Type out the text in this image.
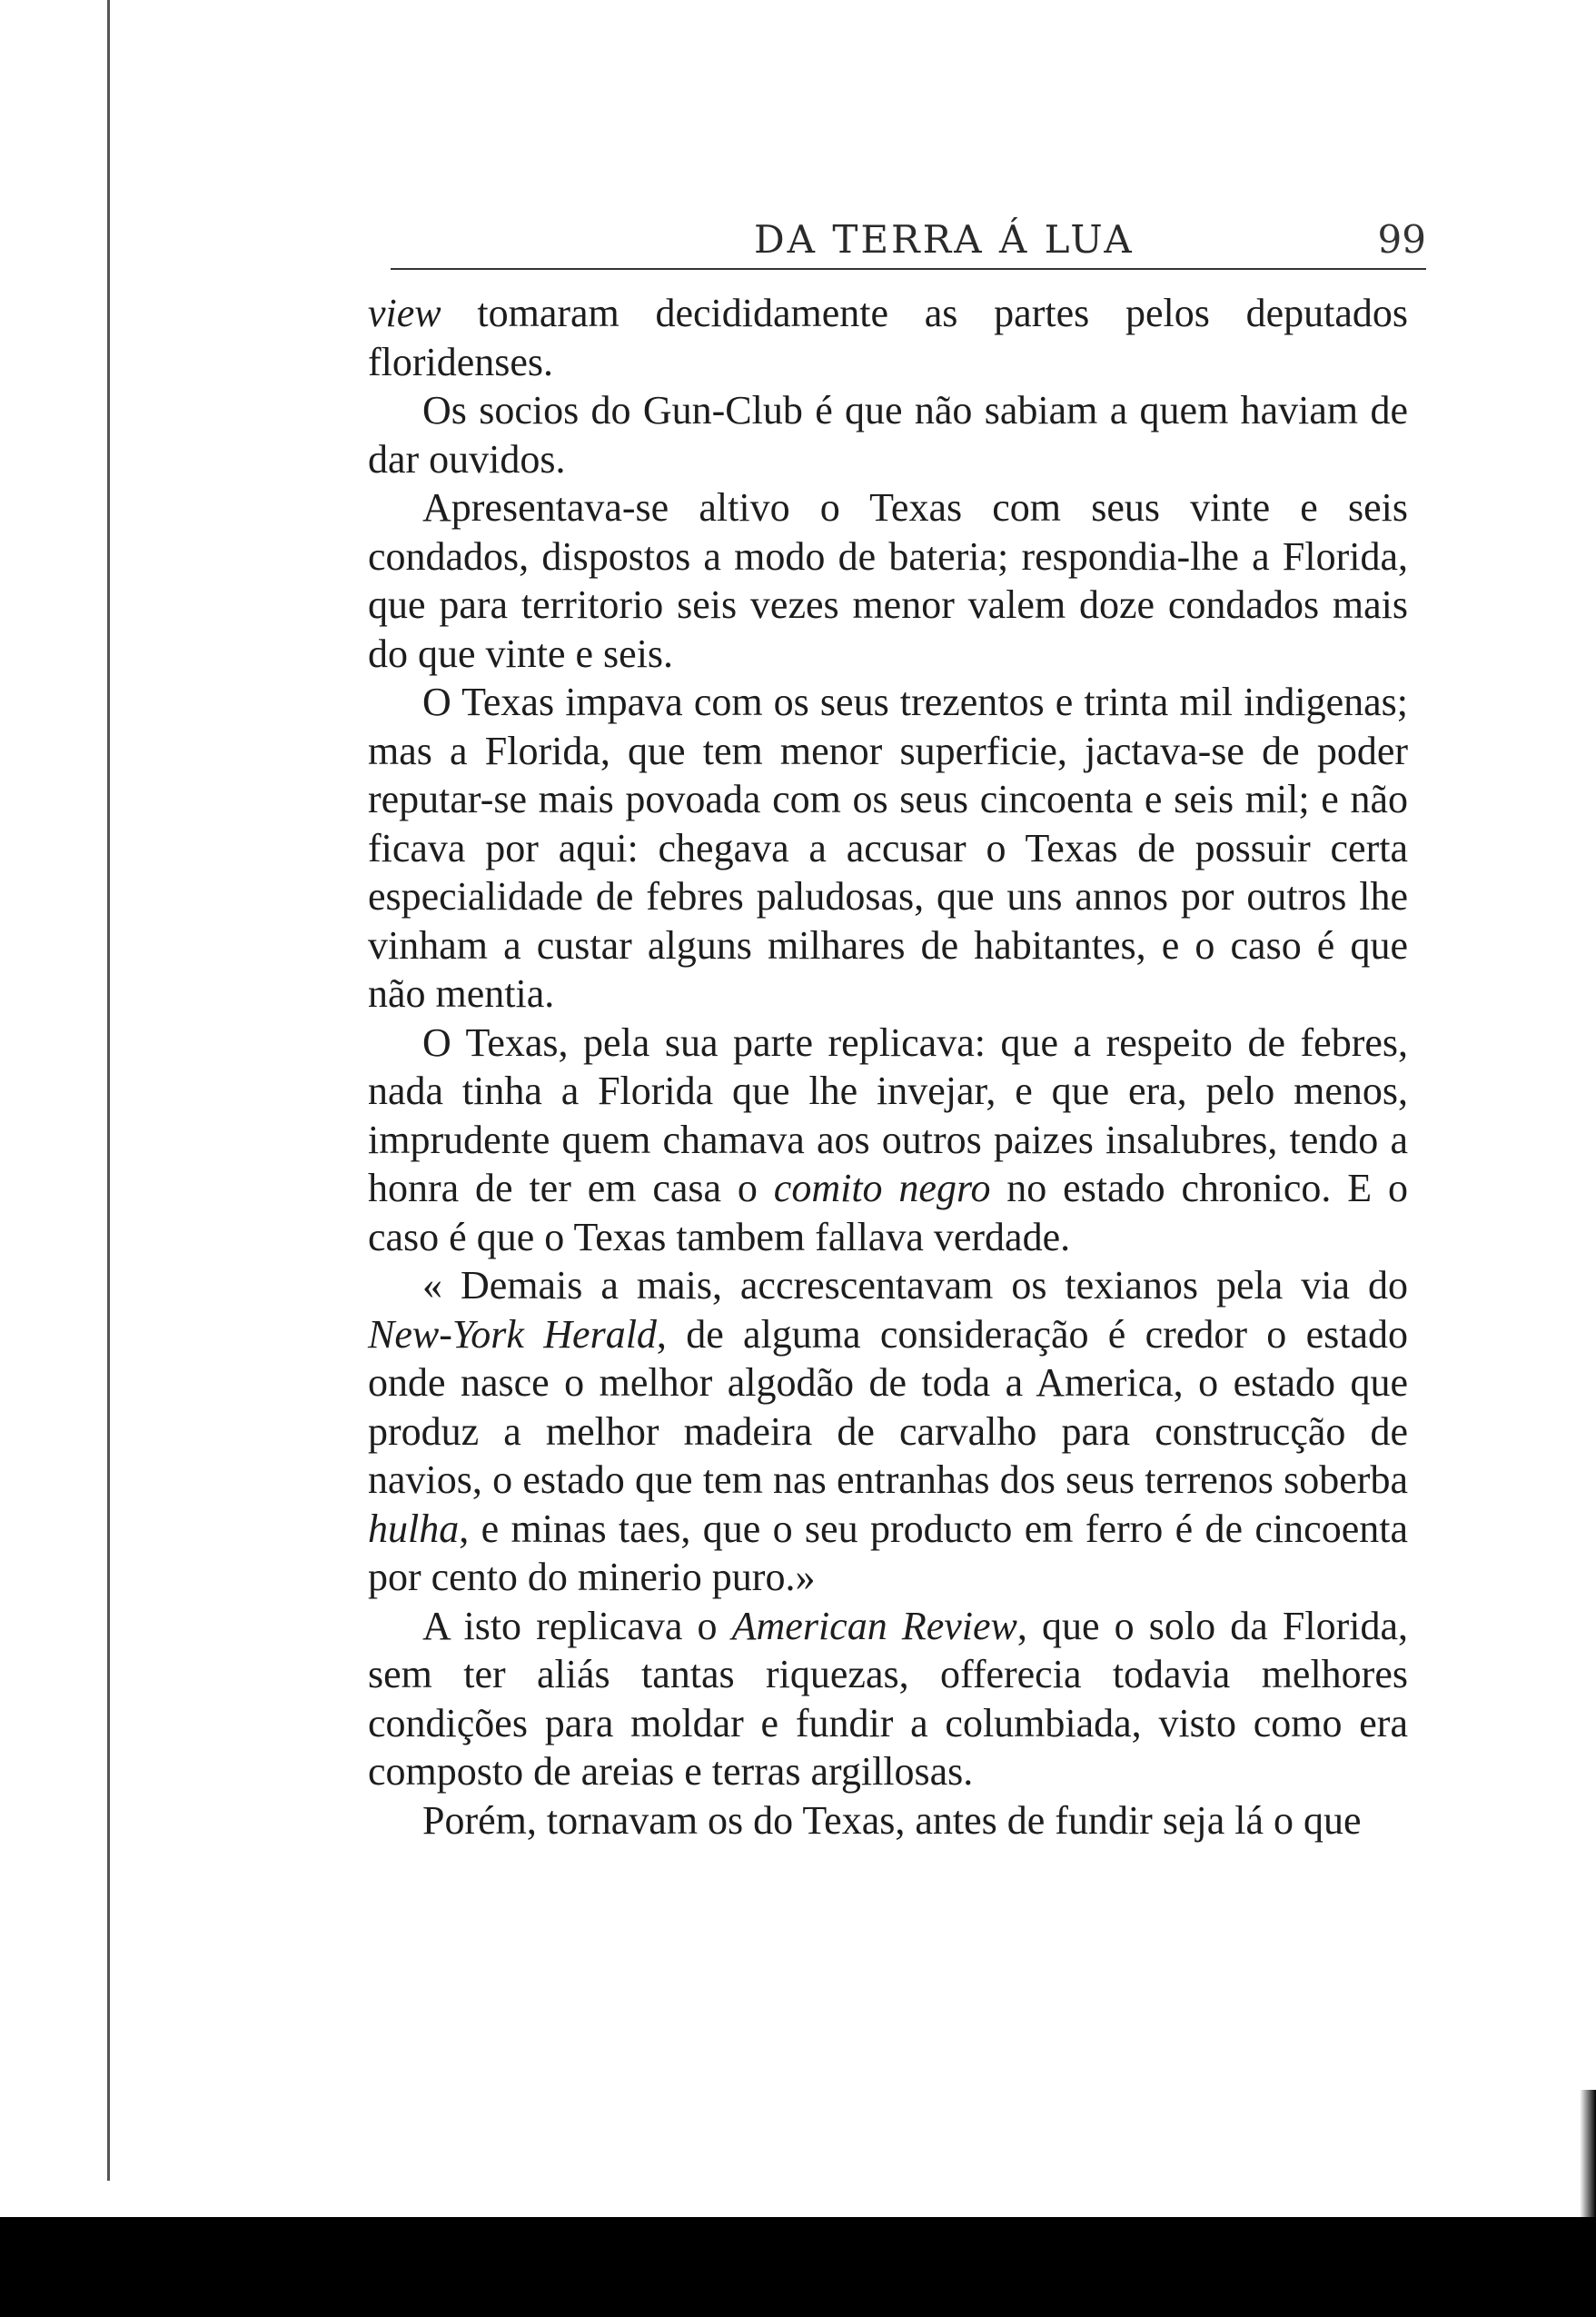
DA TERRA Á LUA	99

view tomaram decididamente as partes pelos deputados floridenses.

Os socios do Gun-Club é que não sabiam a quem haviam de dar ouvidos.

Apresentava-se altivo o Texas com seus vinte e seis condados, dispostos a modo de bateria; respondia-lhe a Florida, que para territorio seis vezes menor valem doze condados mais do que vinte e seis.

O Texas impava com os seus trezentos e trinta mil indigenas; mas a Florida, que tem menor superficie, jactava-se de poder reputar-se mais povoada com os seus cincoenta e seis mil; e não ficava por aqui: chegava a accusar o Texas de possuir certa especialidade de febres paludosas, que uns annos por outros lhe vinham a custar alguns milhares de habitantes, e o caso é que não mentia.

O Texas, pela sua parte replicava: que a respeito de febres, nada tinha a Florida que lhe invejar, e que era, pelo menos, imprudente quem chamava aos outros paizes insalubres, tendo a honra de ter em casa o comito negro no estado chronico. E o caso é que o Texas tambem fallava verdade.

« Demais a mais, accrescentavam os texianos pela via do New-York Herald, de alguma consideração é credor o estado onde nasce o melhor algodão de toda a America, o estado que produz a melhor madeira de carvalho para construcção de navios, o estado que tem nas entranhas dos seus terrenos soberba hulha, e minas taes, que o seu producto em ferro é de cincoenta por cento do minerio puro.»

A isto replicava o American Review, que o solo da Florida, sem ter aliás tantas riquezas, offerecia todavia melhores condições para moldar e fundir a columbiada, visto como era composto de areias e terras argillosas.

Porém, tornavam os do Texas, antes de fundir seja lá o que
